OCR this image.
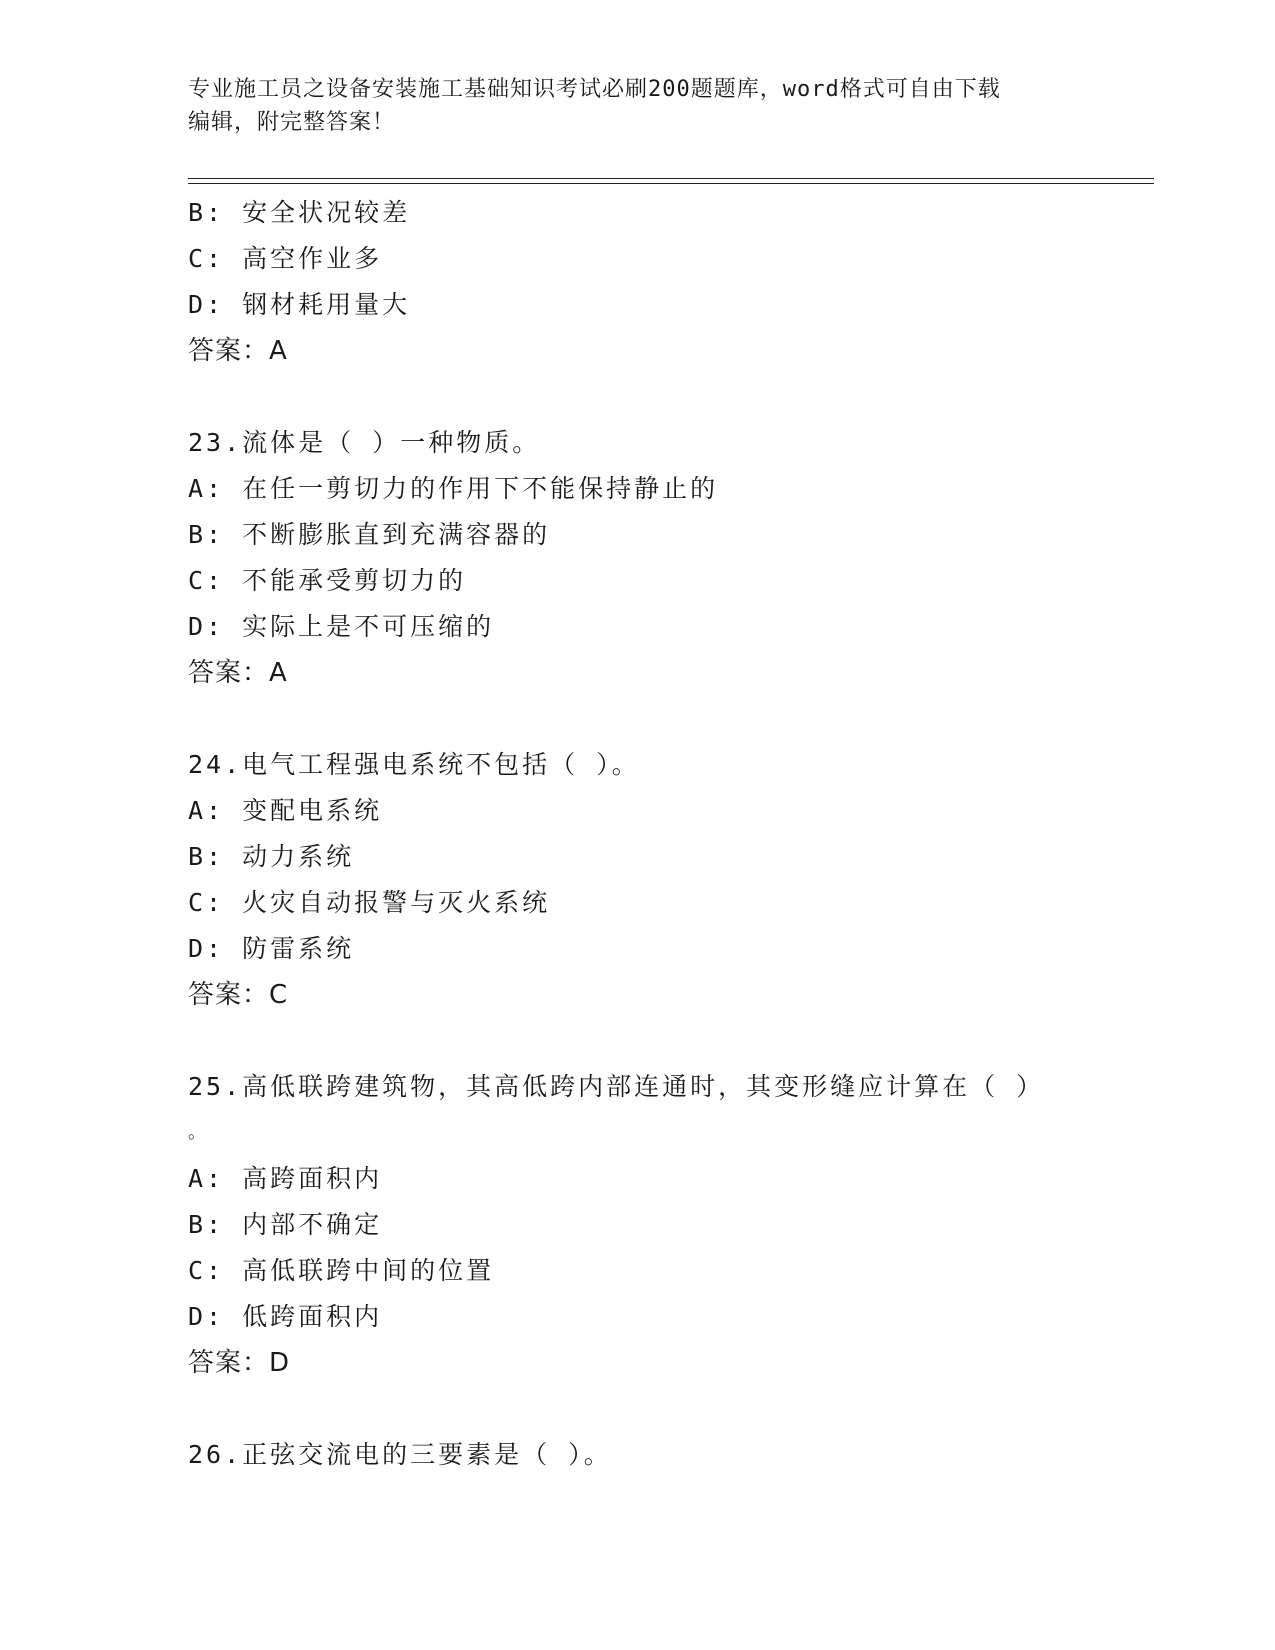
专业施工员之设备安装施工基础知识考试必刷200题题库，word格式可自由下载
编辑，附完整答案！
B: 安全状况较差
C: 高空作业多
D: 钢材耗用量大
答案：A
23.流体是（ ）一种物质。
A: 在任一剪切力的作用下不能保持静止的
B: 不断膨胀直到充满容器的
C: 不能承受剪切力的
D: 实际上是不可压缩的
答案：A
24.电气工程强电系统不包括（ ）。
A: 变配电系统
B: 动力系统
C: 火灾自动报警与灭火系统
D: 防雷系统
答案：C
25.高低联跨建筑物，其高低跨内部连通时，其变形缝应计算在（ ）
。
A: 高跨面积内
B: 内部不确定
C: 高低联跨中间的位置
D: 低跨面积内
答案：D
26.正弦交流电的三要素是（ ）。
